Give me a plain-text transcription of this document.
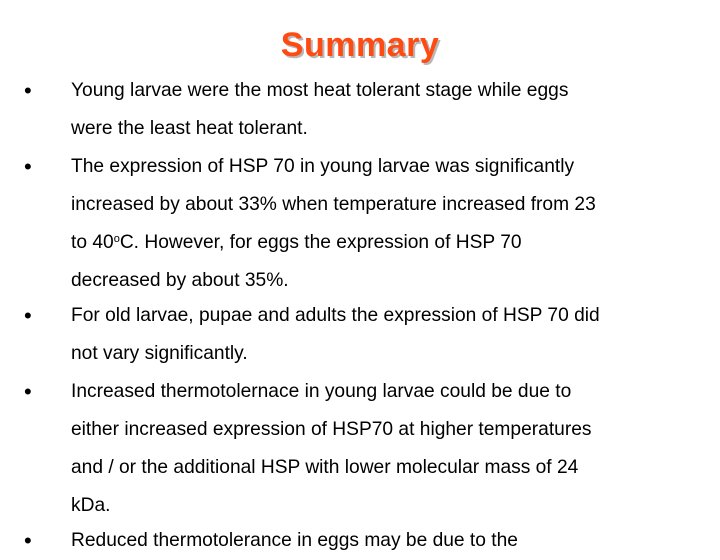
Summary
• Young larvae were the most heat tolerant stage while eggs
were the least heat tolerant.
• The expression of HSP 70 in young larvae was significantly
increased by about 33% when temperature increased from 23
to 40$^o$C. However, for eggs the expression of HSP 70
decreased by about 35%.
• For old larvae, pupae and adults the expression of HSP 70 did
not vary significantly.
• Increased thermotolernace in young larvae could be due to
either increased expression of HSP70 at higher temperatures
and / or the additional HSP with lower molecular mass of 24
kDa.
• Reduced thermotolerance in eggs may be due to the
